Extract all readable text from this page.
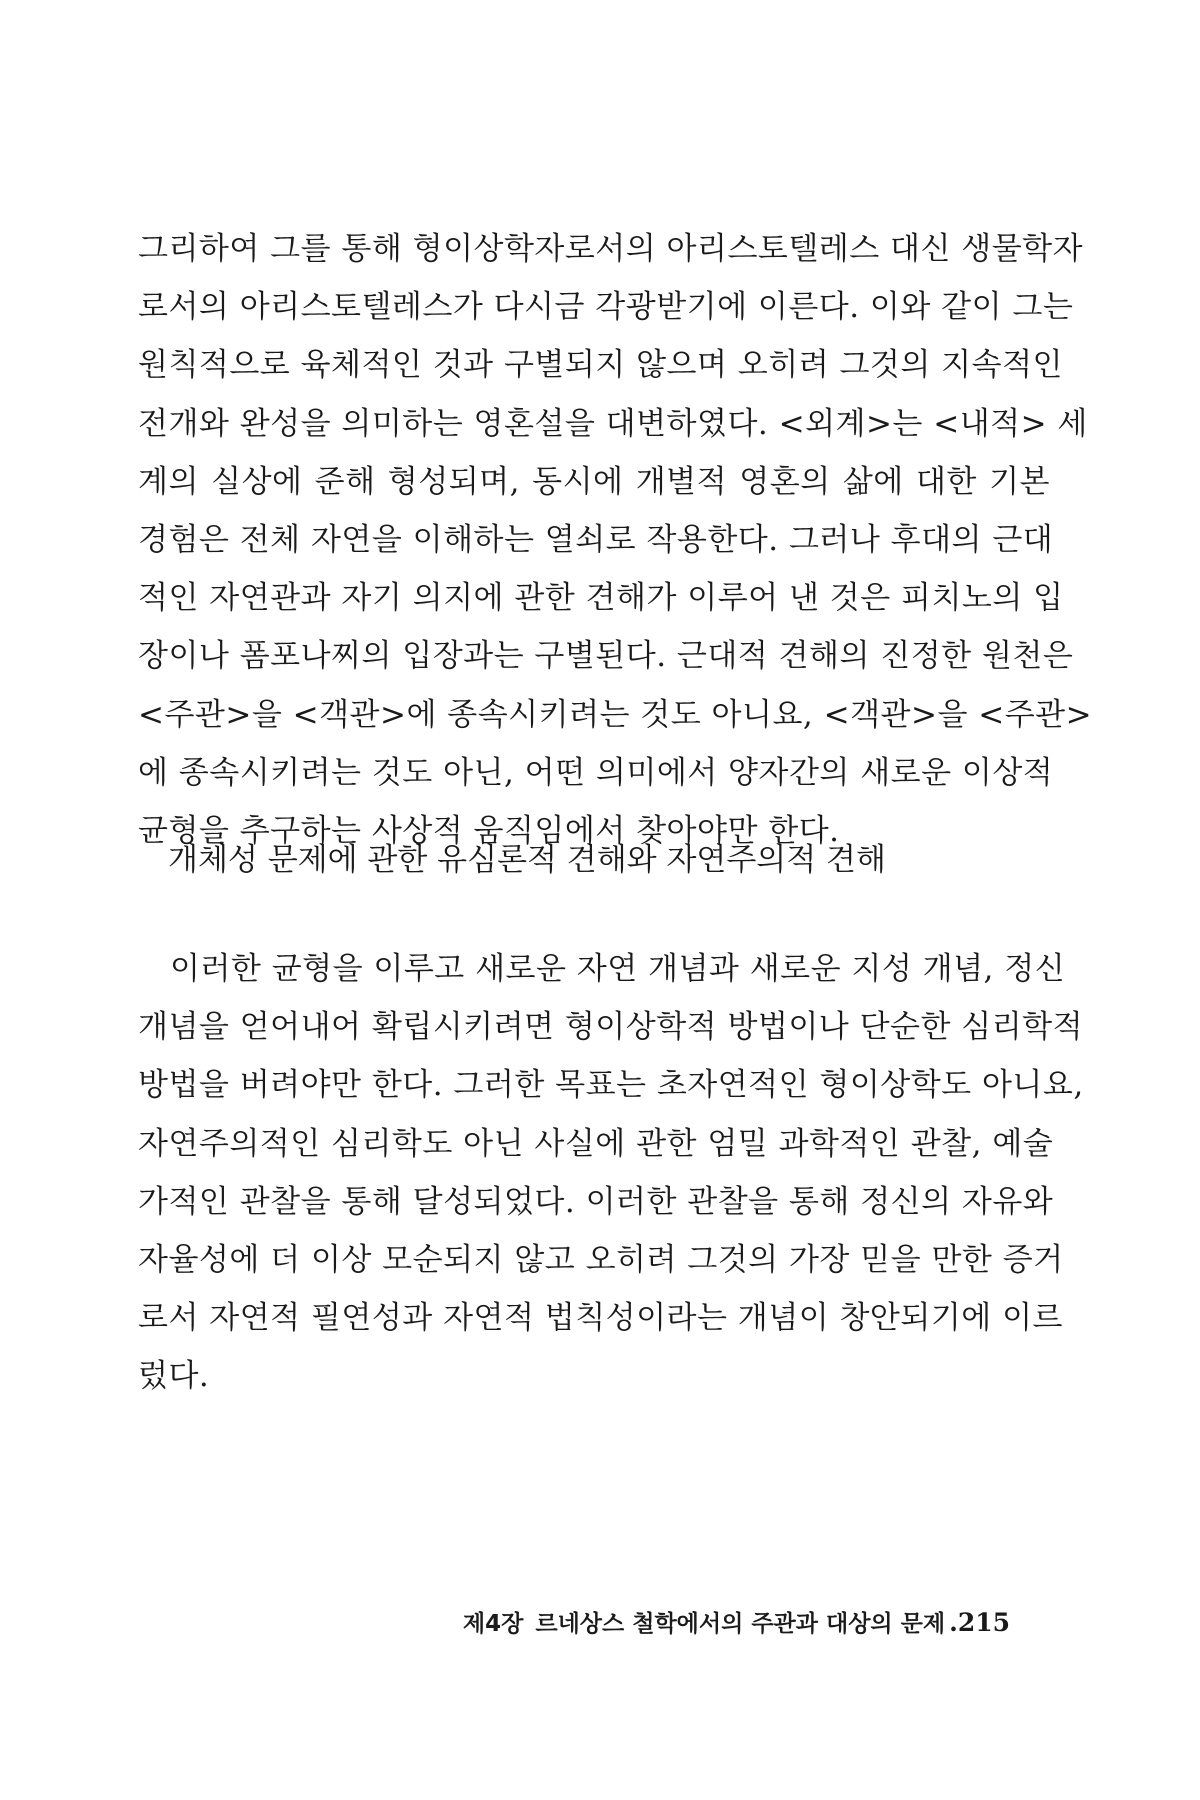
그리하여 그를 통해 형이상학자로서의 아리스토텔레스 대신 생물학자
로서의 아리스토텔레스가 다시금 각광받기에 이른다. 이와 같이 그는
원칙적으로 육체적인 것과 구별되지 않으며 오히려 그것의 지속적인
전개와 완성을 의미하는 영혼설을 대변하였다. <외계>는 <내적> 세
계의 실상에 준해 형성되며, 동시에 개별적 영혼의 삶에 대한 기본
경험은 전체 자연을 이해하는 열쇠로 작용한다. 그러나 후대의 근대
적인 자연관과 자기 의지에 관한 견해가 이루어 낸 것은 피치노의 입
장이나 폼포나찌의 입장과는 구별된다. 근대적 견해의 진정한 원천은
<주관>을 <객관>에 종속시키려는 것도 아니요, <객관>을 <주관>
에 종속시키려는 것도 아닌, 어떤 의미에서 양자간의 새로운 이상적
균형을 추구하는 사상적 움직임에서 찾아야만 한다.
개체성 문제에 관한 유심론적 견해와 자연주의적 견해
이러한 균형을 이루고 새로운 자연 개념과 새로운 지성 개념, 정신
개념을 얻어내어 확립시키려면 형이상학적 방법이나 단순한 심리학적
방법을 버려야만 한다. 그러한 목표는 초자연적인 형이상학도 아니요,
자연주의적인 심리학도 아닌 사실에 관한 엄밀 과학적인 관찰, 예술
가적인 관찰을 통해 달성되었다. 이러한 관찰을 통해 정신의 자유와
자율성에 더 이상 모순되지 않고 오히려 그것의 가장 믿을 만한 증거
로서 자연적 필연성과 자연적 법칙성이라는 개념이 창안되기에 이르
렀다.
제4장 르네상스 철학에서의 주관과 대상의 문제 .215
